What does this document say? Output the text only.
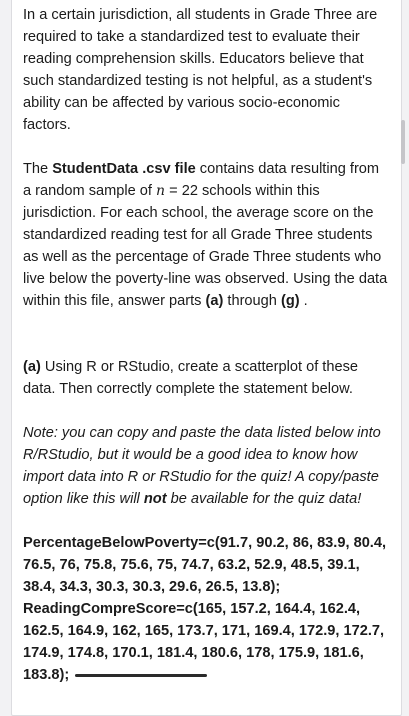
In a certain jurisdiction, all students in Grade Three are required to take a standardized test to evaluate their reading comprehension skills. Educators believe that such standardized testing is not helpful, as a student's ability can be affected by various socio-economic factors.

The StudentData .csv file contains data resulting from a random sample of n = 22 schools within this jurisdiction. For each school, the average score on the standardized reading test for all Grade Three students as well as the percentage of Grade Three students who live below the poverty-line was observed. Using the data within this file, answer parts (a) through (g) .

(a) Using R or RStudio, create a scatterplot of these data. Then correctly complete the statement below.

Note: you can copy and paste the data listed below into R/RStudio, but it would be a good idea to know how import data into R or RStudio for the quiz! A copy/paste option like this will not be available for the quiz data!

PercentageBelowPoverty=c(91.7, 90.2, 86, 83.9, 80.4, 76.5, 76, 75.8, 75.6, 75, 74.7, 63.2, 52.9, 48.5, 39.1, 38.4, 34.3, 30.3, 30.3, 29.6, 26.5, 13.8); ReadingCompreScore=c(165, 157.2, 164.4, 162.4, 162.5, 164.9, 162, 165, 173.7, 171, 169.4, 172.9, 172.7, 174.9, 174.8, 170.1, 181.4, 180.6, 178, 175.9, 181.6, 183.8);
